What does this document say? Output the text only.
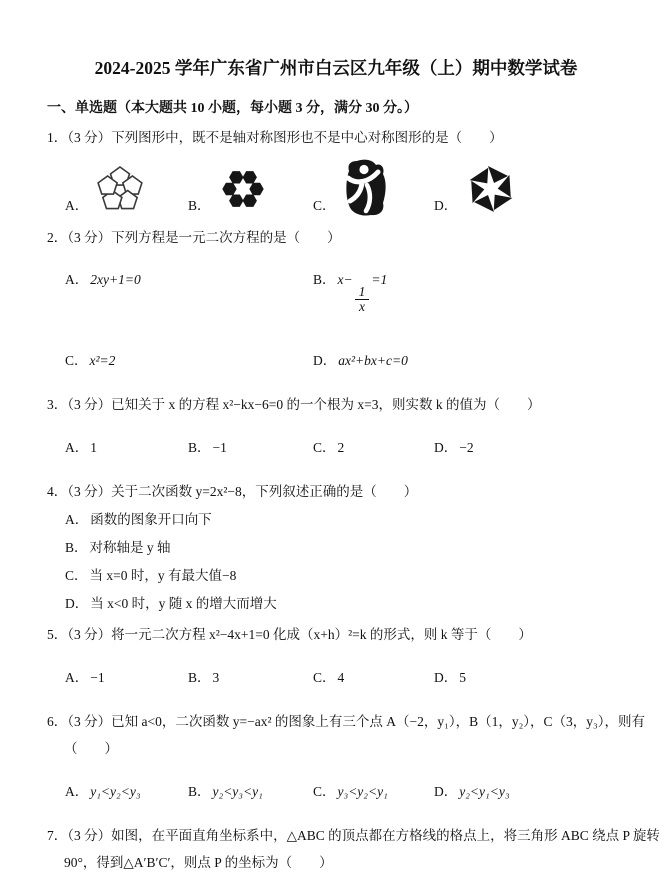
2024-2025 学年广东省广州市白云区九年级（上）期中数学试卷
一、单选题（本大题共 10 小题，每小题 3 分，满分 30 分。）

1．（3 分）下列图形中，既不是轴对称图形也不是中心对称图形的是（　　）

A．	B．	C．	D．

2．（3 分）下列方程是一元二次方程的是（　　）

A． 2xy+1=0	B． x−
$\frac{1}{x}$
=1

C． x²=2	D． ax²+bx+c=0

3．（3 分）已知关于 x 的方程 x²−kx−6=0 的一个根为 x=3，则实数 k 的值为（　　）

A． 1	B． −1	C． 2	D． −2

4．（3 分）关于二次函数 y=2x²−8，下列叙述正确的是（　　）

A． 函数的图象开口向下

B． 对称轴是 y 轴

C． 当 x=0 时，y 有最大值−8

D． 当 x<0 时，y 随 x 的增大而增大

5．（3 分）将一元二次方程 x²−4x+1=0 化成（x+h）²=k 的形式，则 k 等于（　　）

A． −1	B． 3	C． 4	D． 5

6．（3 分）已知 a<0，二次函数 y=−ax² 的图象上有三个点 A（−2，y₁），B（1，y₂），C（3，y₃），则有

（　　）

A． y₁<y₂<y₃	B． y₂<y₃<y₁	C． y₃<y₂<y₁	D． y₂<y₁<y₃

7．（3 分）如图，在平面直角坐标系中，△ABC 的顶点都在方格线的格点上，将三角形 ABC 绕点 P 旋转

90°，得到△A′B′C′，则点 P 的坐标为（　　）
